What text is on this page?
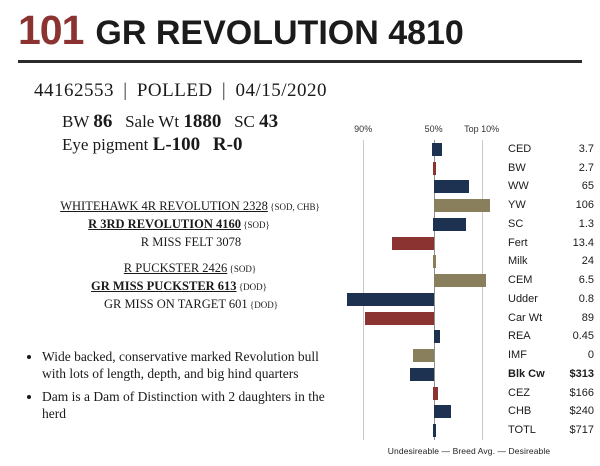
101 GR REVOLUTION 4810
44162553 | POLLED | 04/15/2020
BW 86 Sale Wt 1880 SC 43
Eye pigment L-100 R-0
WHITEHAWK 4R REVOLUTION 2328 {SOD, CHB}
R 3RD REVOLUTION 4160 {SOD}
R MISS FELT 3078
R PUCKSTER 2426 {SOD}
GR MISS PUCKSTER 613 {DOD}
GR MISS ON TARGET 601 {DOD}
• Wide backed, conservative marked Revolution bull with lots of length, depth, and big hind quarters
• Dam is a Dam of Distinction with 2 daughters in the herd
90%	50% Top 10%
CED	3.7
BW	2.7
WW	65
YW	106
SC	1.3
Fert	13.4
Milk	24
CEM	6.5
Udder	0.8
Car Wt	89
REA	0.45
IMF	0
Blk Cw $313
CEZ	$166
CHB	$240
TOTL	$717
Undesireable — Breed Avg. — Desireable
